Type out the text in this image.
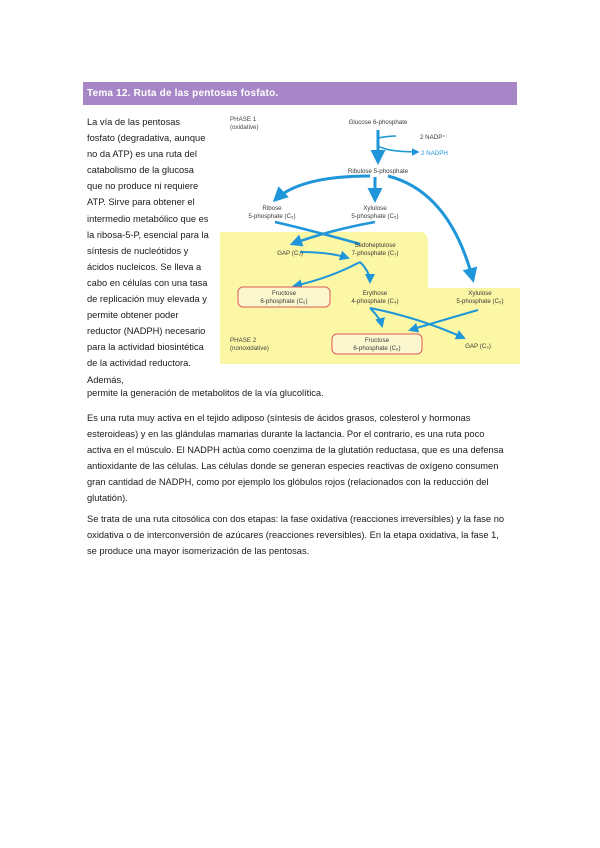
Tema 12. Ruta de las pentosas fosfato.
La vía de las pentosas fosfato (degradativa, aunque no da ATP) es una ruta del catabolismo de la glucosa que no produce ni requiere ATP. Sirve para obtener el intermedio metabólico que es la ribosa-5-P, esencial para la síntesis de nucleótidos y ácidos nucleicos. Se lleva a cabo en células con una tasa de replicación muy elevada y permite obtener poder reductor (NADPH) necesario para la actividad biosintética de la actividad reductora. Además,
permite la generación de metabolitos de la vía glucolítica.

Es una ruta muy activa en el tejido adiposo (síntesis de ácidos grasos, colesterol y hormonas esteroideas) y en las glándulas mamarias durante la lactancia. Por el contrario, es una ruta poco activa en el músculo. El NADPH actúa como coenzima de la glutatión reductasa, que es una defensa antioxidante de las células. Las células donde se generan especies reactivas de oxígeno consumen gran cantidad de NADPH, como por ejemplo los glóbulos rojos (relacionados con la reducción del glutatión).

Se trata de una ruta citosólica con dos etapas: la fase oxidativa (reacciones irreversibles) y la fase no oxidativa o de interconversión de azúcares (reacciones reversibles). En la etapa oxidativa, la fase 1, se produce una mayor isomerización de las pentosas.

PHASE 1
(oxidative)
PHASE 2
(nonoxidative)
Glucose 6-phosphate
2 NADP⁺
2 NADPH
Ribulose 5-phosphate
Ribose
5-phosphate (C₅)
Xylulose
5-phosphate (C₅)
GAP (C₃)
Sedoheptulose
7-phosphate (C₇)
Fructose
6-phosphate (C₆)
Erythose
4-phosphate (C₄)
Xylulose
5-phosphate (C₅)
Fructose
6-phosphate (C₆)	GAP (C₃)
